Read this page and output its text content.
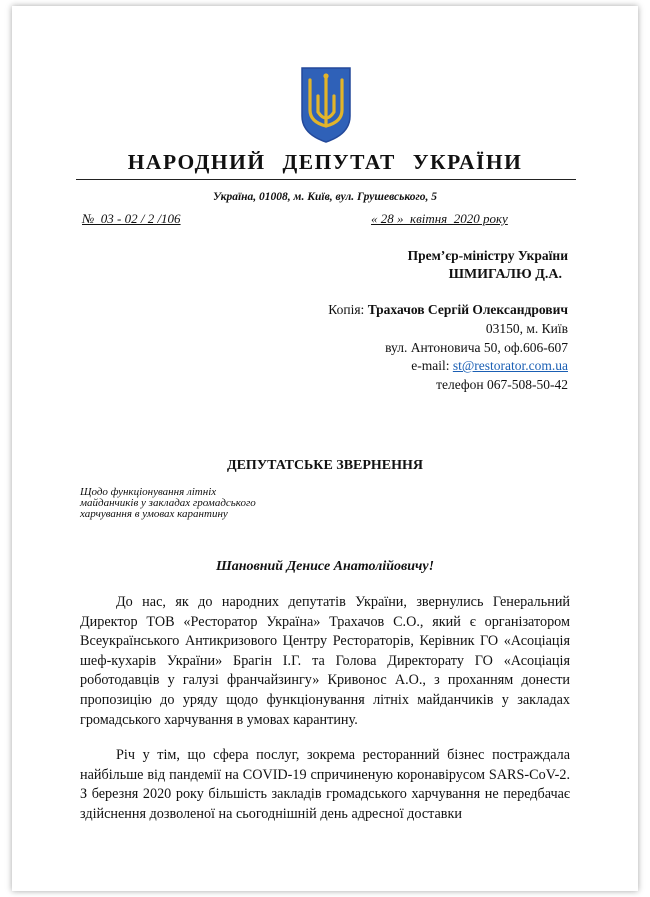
НАРОДНИЙ ДЕПУТАТ УКРАЇНИ
Україна, 01008, м. Київ, вул. Грушевського, 5
№  03 - 02 / 2 /106	« 28 »  квітня  2020 року
Прем’єр-міністру України
ШМИГАЛЮ Д.А.
Копія: Трахачов Сергій Олександрович
03150, м. Київ
вул. Антоновича 50, оф.606-607
e-mail: st@restorator.com.ua
телефон 067-508-50-42
ДЕПУТАТСЬКЕ ЗВЕРНЕННЯ
Щодо функціонування літніх
майданчиків у закладах громадського
харчування в умовах карантину
Шановний Денисе Анатолійовичу!
До нас, як до народних депутатів України, звернулись Генеральний Директор ТОВ «Ресторатор Україна» Трахачов С.О., який є організатором Всеукраїнського Антикризового Центру Рестораторів, Керівник ГО «Асоціація шеф-кухарів України» Брагін І.Г. та Голова Директорату ГО «Асоціація роботодавців у галузі франчайзингу» Кривонос А.О., з проханням донести пропозицію до уряду щодо функціонування літніх майданчиків у закладах громадського харчування в умовах карантину.
Річ у тім, що сфера послуг, зокрема ресторанний бізнес постраждала найбільше від пандемії на COVID-19 спричиненую коронавірусом SARS-CoV-2. З березня 2020 року більшість закладів громадського харчування не передбачає здійснення дозволеної на сьогоднішній день адресної доставки
